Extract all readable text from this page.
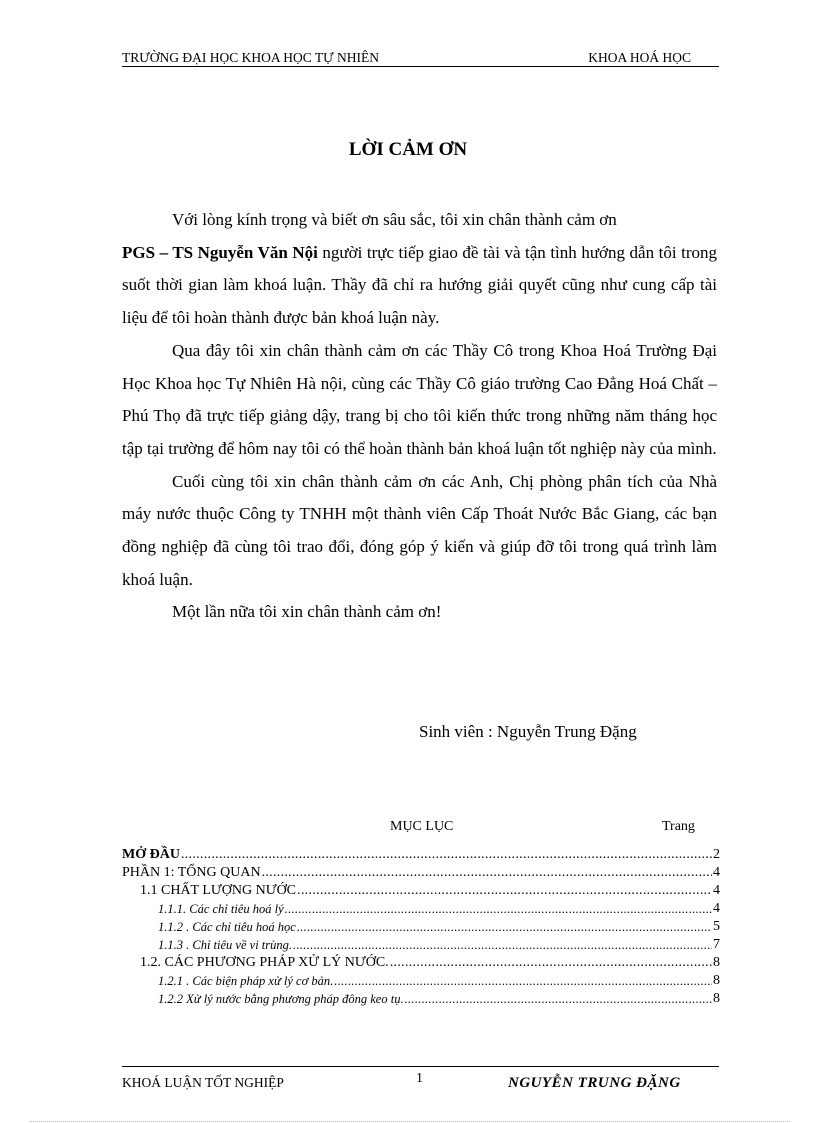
TRƯỜNG ĐẠI HỌC KHOA HỌC TỰ NHIÊN	KHOA HOÁ HỌC
LỜI CẢM ƠN

Với lòng kính trọng và biết ơn sâu sắc, tôi xin chân thành cảm ơn

PGS – TS Nguyễn Văn Nội người trực tiếp giao đề tài và tận tình hướng dẫn tôi trong suốt thời gian làm khoá luận. Thầy đã chỉ ra hướng giải quyết cũng như cung cấp tài liệu để tôi hoàn thành được bản khoá luận này.

Qua đây tôi xin chân thành cảm ơn các Thầy Cô trong Khoa Hoá Trường Đại Học Khoa học Tự Nhiên Hà nội, cùng các Thầy Cô giáo trường Cao Đẳng Hoá Chất – Phú Thọ đã trực tiếp giảng dậy, trang bị cho tôi kiến thức trong những năm tháng học tập tại trường để hôm nay tôi có thể hoàn thành bản khoá luận tốt nghiệp này của mình.

Cuối cùng tôi xin chân thành cảm ơn các Anh, Chị phòng phân tích của Nhà máy nước thuộc Công ty TNHH một thành viên Cấp Thoát Nước Bắc Giang, các bạn đồng nghiệp đã cùng tôi trao đổi, đóng góp ý kiến và giúp đỡ tôi trong quá trình làm khoá luận.

Một lần nữa tôi xin chân thành cảm ơn!

Sinh viên : Nguyễn Trung Đặng
MỤC LỤC	Trang
MỞ ĐẦU .....	2
PHẦN 1: TỔNG QUAN .....	4
1.1 CHẤT LƯỢNG NƯỚC .....	4
1.1.1. Các chỉ tiêu hoá lý .....	4
1.1.2 . Các chỉ tiêu hoá học .....	5
1.1.3 . Chỉ tiêu về vi trùng. .....	7
1.2. CÁC PHƯƠNG PHÁP XỬ LÝ NƯỚC. .....	8
1.2.1 . Các biện pháp xử lý cơ bản. .....	8
1.2.2 Xử lý nước bằng phương pháp đông keo tụ. .....	8
KHOÁ LUẬN TỐT NGHIỆP	1	NGUYỄN TRUNG ĐẶNG
